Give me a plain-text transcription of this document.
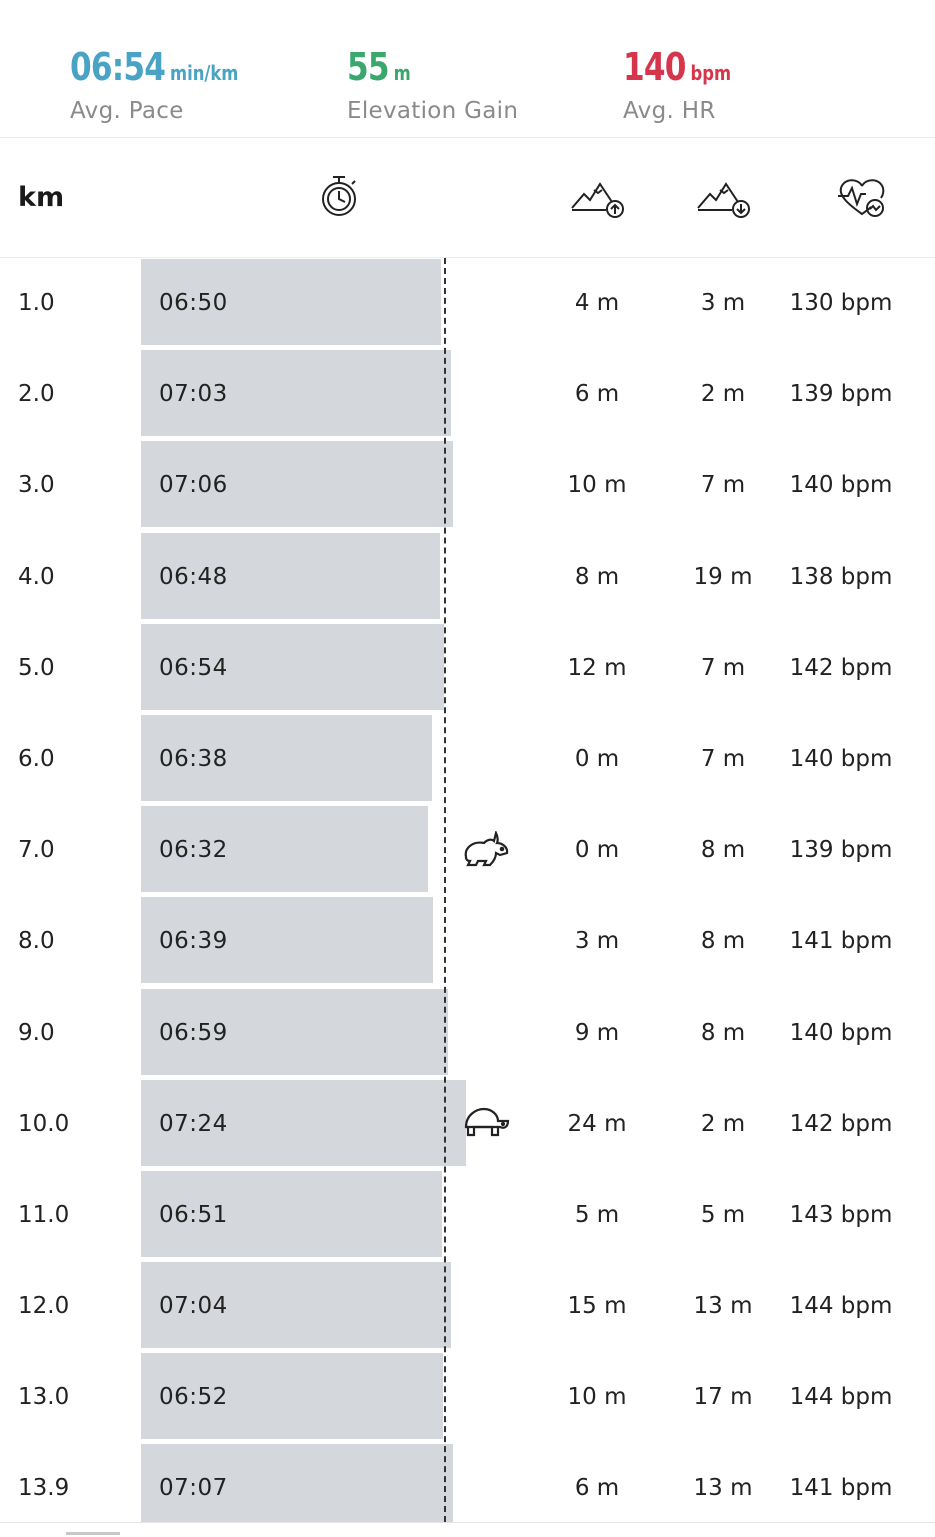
06:54 min/km
Avg. Pace
55 m
Elevation Gain
140 bpm
Avg. HR
km
1.0	06:50	4 m	3 m	130 bpm
2.0	07:03	6 m	2 m	139 bpm
3.0	07:06	10 m	7 m	140 bpm
4.0	06:48	8 m	19 m	138 bpm
5.0	06:54	12 m	7 m	142 bpm
6.0	06:38	0 m	7 m	140 bpm
7.0	06:32	0 m	8 m	139 bpm
8.0	06:39	3 m	8 m	141 bpm
9.0	06:59	9 m	8 m	140 bpm
10.0	07:24	24 m	2 m	142 bpm
11.0	06:51	5 m	5 m	143 bpm
12.0	07:04	15 m	13 m	144 bpm
13.0	06:52	10 m	17 m	144 bpm
13.9	07:07	6 m	13 m	141 bpm
